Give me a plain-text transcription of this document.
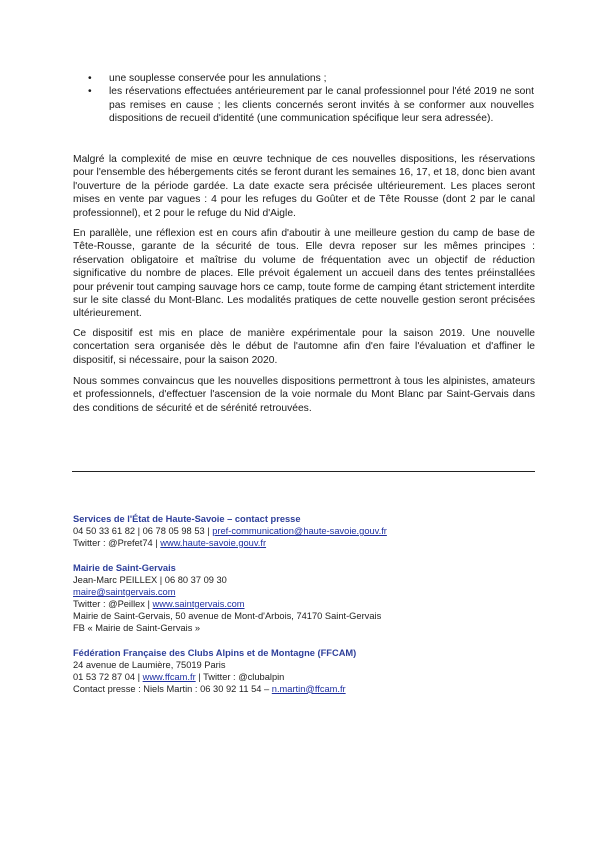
• une souplesse conservée pour les annulations ;
• les réservations effectuées antérieurement par le canal professionnel pour l'été 2019 ne sont pas remises en cause ; les clients concernés seront invités à se conformer aux nouvelles dispositions de recueil d'identité (une communication spécifique leur sera adressée).

Malgré la complexité de mise en œuvre technique de ces nouvelles dispositions, les réservations pour l'ensemble des hébergements cités se feront durant les semaines 16, 17, et 18, donc bien avant l'ouverture de la période gardée. La date exacte sera précisée ultérieurement. Les places seront mises en vente par vagues : 4 pour les refuges du Goûter et de Tête Rousse (dont 2 par le canal professionnel), et 2 pour le refuge du Nid d'Aigle.

En parallèle, une réflexion est en cours afin d'aboutir à une meilleure gestion du camp de base de Tête-Rousse, garante de la sécurité de tous. Elle devra reposer sur les mêmes principes : réservation obligatoire et maîtrise du volume de fréquentation avec un objectif de réduction significative du nombre de places. Elle prévoit également un accueil dans des tentes préinstallées pour prévenir tout camping sauvage hors ce camp, toute forme de camping étant strictement interdite sur le site classé du Mont-Blanc. Les modalités pratiques de cette nouvelle gestion seront précisées ultérieurement.

Ce dispositif est mis en place de manière expérimentale pour la saison 2019. Une nouvelle concertation sera organisée dès le début de l'automne afin d'en faire l'évaluation et d'affiner le dispositif, si nécessaire, pour la saison 2020.

Nous sommes convaincus que les nouvelles dispositions permettront à tous les alpinistes, amateurs et professionnels, d'effectuer l'ascension de la voie normale du Mont Blanc par Saint-Gervais dans des conditions de sécurité et de sérénité retrouvées.

Services de l'État de Haute-Savoie – contact presse
04 50 33 61 82 | 06 78 05 98 53 | pref-communication@haute-savoie.gouv.fr
Twitter : @Prefet74 | www.haute-savoie.gouv.fr
Mairie de Saint-Gervais
Jean-Marc PEILLEX | 06 80 37 09 30
maire@saintgervais.com
Twitter : @Peillex | www.saintgervais.com
Mairie de Saint-Gervais, 50 avenue de Mont-d'Arbois, 74170 Saint-Gervais
FB « Mairie de Saint-Gervais »
Fédération Française des Clubs Alpins et de Montagne (FFCAM)
24 avenue de Laumière, 75019 Paris
01 53 72 87 04 | www.ffcam.fr | Twitter : @clubalpin
Contact presse : Niels Martin : 06 30 92 11 54 – n.martin@ffcam.fr
